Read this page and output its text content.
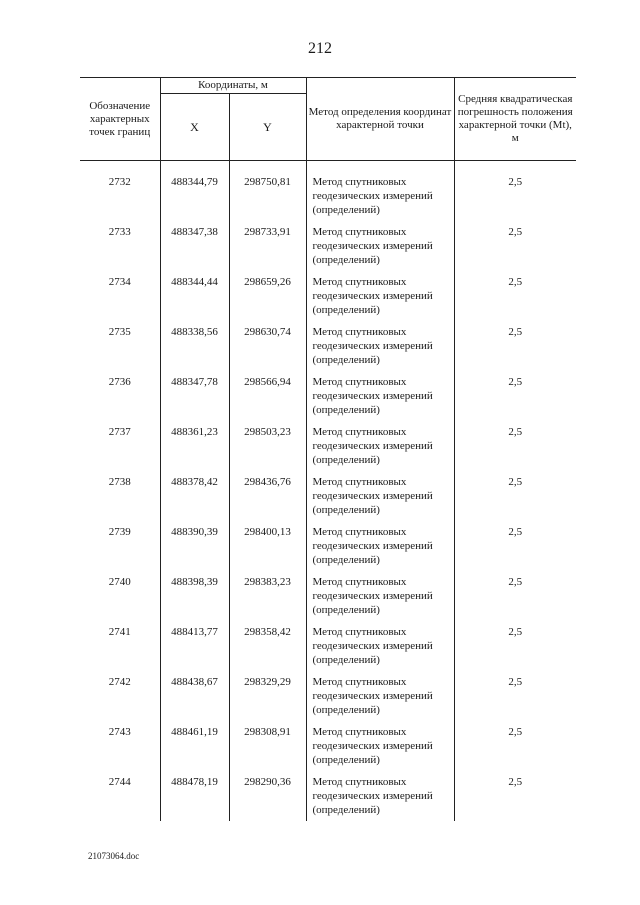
212
Обозначение характерных точек границ	Координаты, м		Метод определения координат характерной точки	Средняя квадратическая погрешность положения характерной точки (Mt), м
	X	Y		

2732	488344,79	298750,81	Метод спутниковых геодезических измерений (определений)	2,5
2733	488347,38	298733,91	Метод спутниковых геодезических измерений (определений)	2,5
2734	488344,44	298659,26	Метод спутниковых геодезических измерений (определений)	2,5
2735	488338,56	298630,74	Метод спутниковых геодезических измерений (определений)	2,5
2736	488347,78	298566,94	Метод спутниковых геодезических измерений (определений)	2,5
2737	488361,23	298503,23	Метод спутниковых геодезических измерений (определений)	2,5
2738	488378,42	298436,76	Метод спутниковых геодезических измерений (определений)	2,5
2739	488390,39	298400,13	Метод спутниковых геодезических измерений (определений)	2,5
2740	488398,39	298383,23	Метод спутниковых геодезических измерений (определений)	2,5
2741	488413,77	298358,42	Метод спутниковых геодезических измерений (определений)	2,5
2742	488438,67	298329,29	Метод спутниковых геодезических измерений (определений)	2,5
2743	488461,19	298308,91	Метод спутниковых геодезических измерений (определений)	2,5
2744	488478,19	298290,36	Метод спутниковых геодезических измерений (определений)	2,5
21073064.doc
